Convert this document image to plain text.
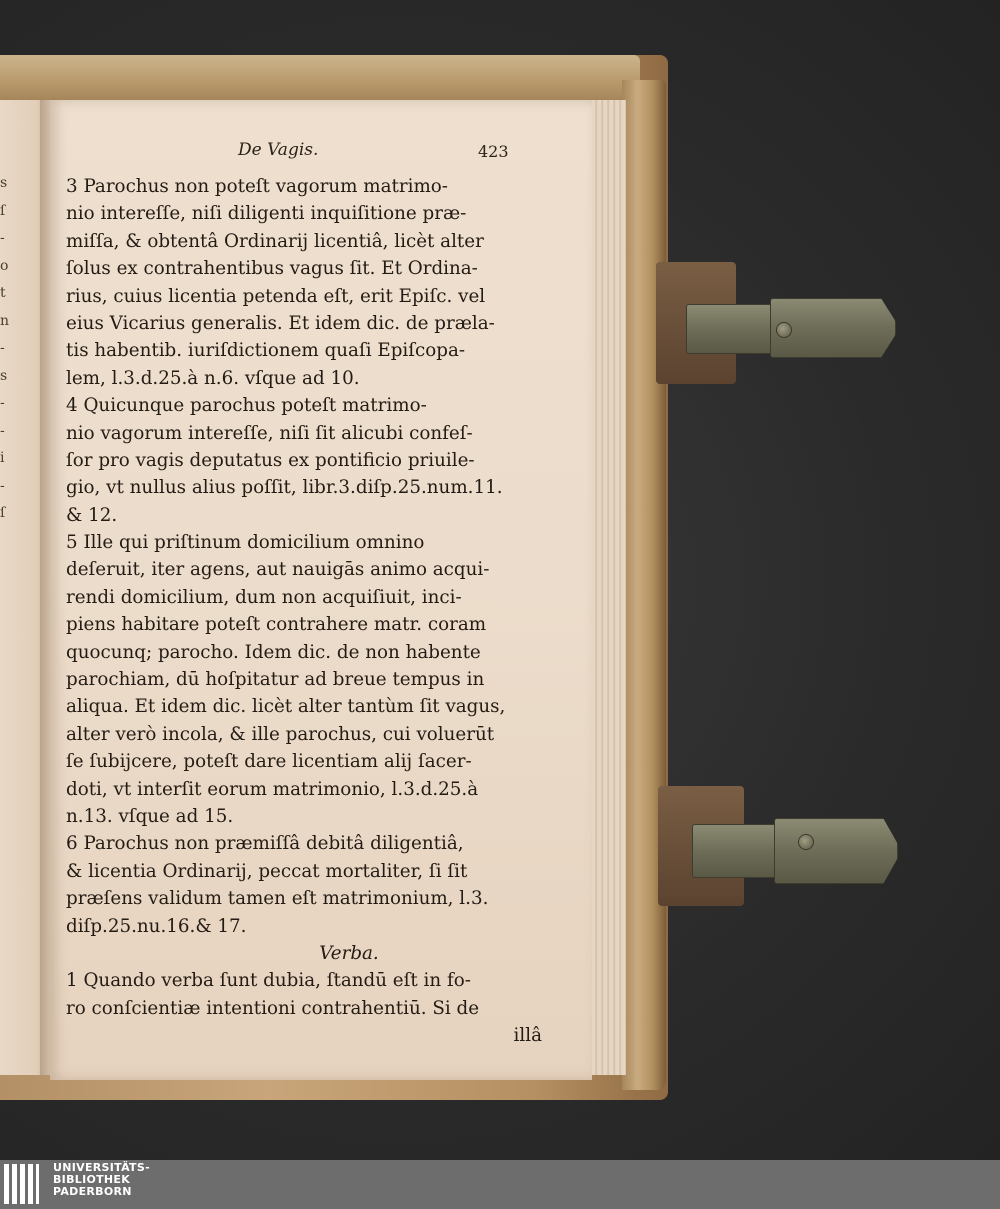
s
ſ
-
o
t
n
-
s
-
-
i
-
ſ
De Vagis.	423
3 Parochus non poteſt vagorum matrimo-
nio intereſſe, niſi diligenti inquiſitione præ-
miſſa, & obtentâ Ordinarij licentiâ, licèt alter
ſolus ex contrahentibus vagus ſit. Et Ordina-
rius, cuius licentia petenda eſt, erit Epiſc. vel
eius Vicarius generalis. Et idem dic. de præla-
tis habentib. iuriſdictionem quaſi Epiſcopa-
lem, l.3.d.25.à n.6. vſque ad 10.
4 Quicunque parochus poteſt matrimo-
nio vagorum intereſſe, niſi ſit alicubi confeſ-
ſor pro vagis deputatus ex pontificio priuile-
gio, vt nullus alius poſſit, libr.3.diſp.25.num.11.
& 12.
5 Ille qui priſtinum domicilium omnino
deſeruit, iter agens, aut nauigās animo acqui-
rendi domicilium, dum non acquiſiuit, inci-
piens habitare poteſt contrahere matr. coram
quocunq; parocho. Idem dic. de non habente
parochiam, dū hoſpitatur ad breue tempus in
aliqua. Et idem dic. licèt alter tantùm ſit vagus,
alter verò incola, & ille parochus, cui voluerūt
ſe ſubijcere, poteſt dare licentiam alij ſacer-
doti, vt interſit eorum matrimonio, l.3.d.25.à
n.13. vſque ad 15.
6 Parochus non præmiſſâ debitâ diligentiâ,
& licentia Ordinarij, peccat mortaliter, ſi ſit
præſens validum tamen eſt matrimonium, l.3.
diſp.25.nu.16.& 17.
Verba.
1 Quando verba ſunt dubia, ſtandū eſt in fo-
ro conſcientiæ intentioni contrahentiū. Si de
illâ
UNIVERSITÄTS-
BIBLIOTHEK
PADERBORN
